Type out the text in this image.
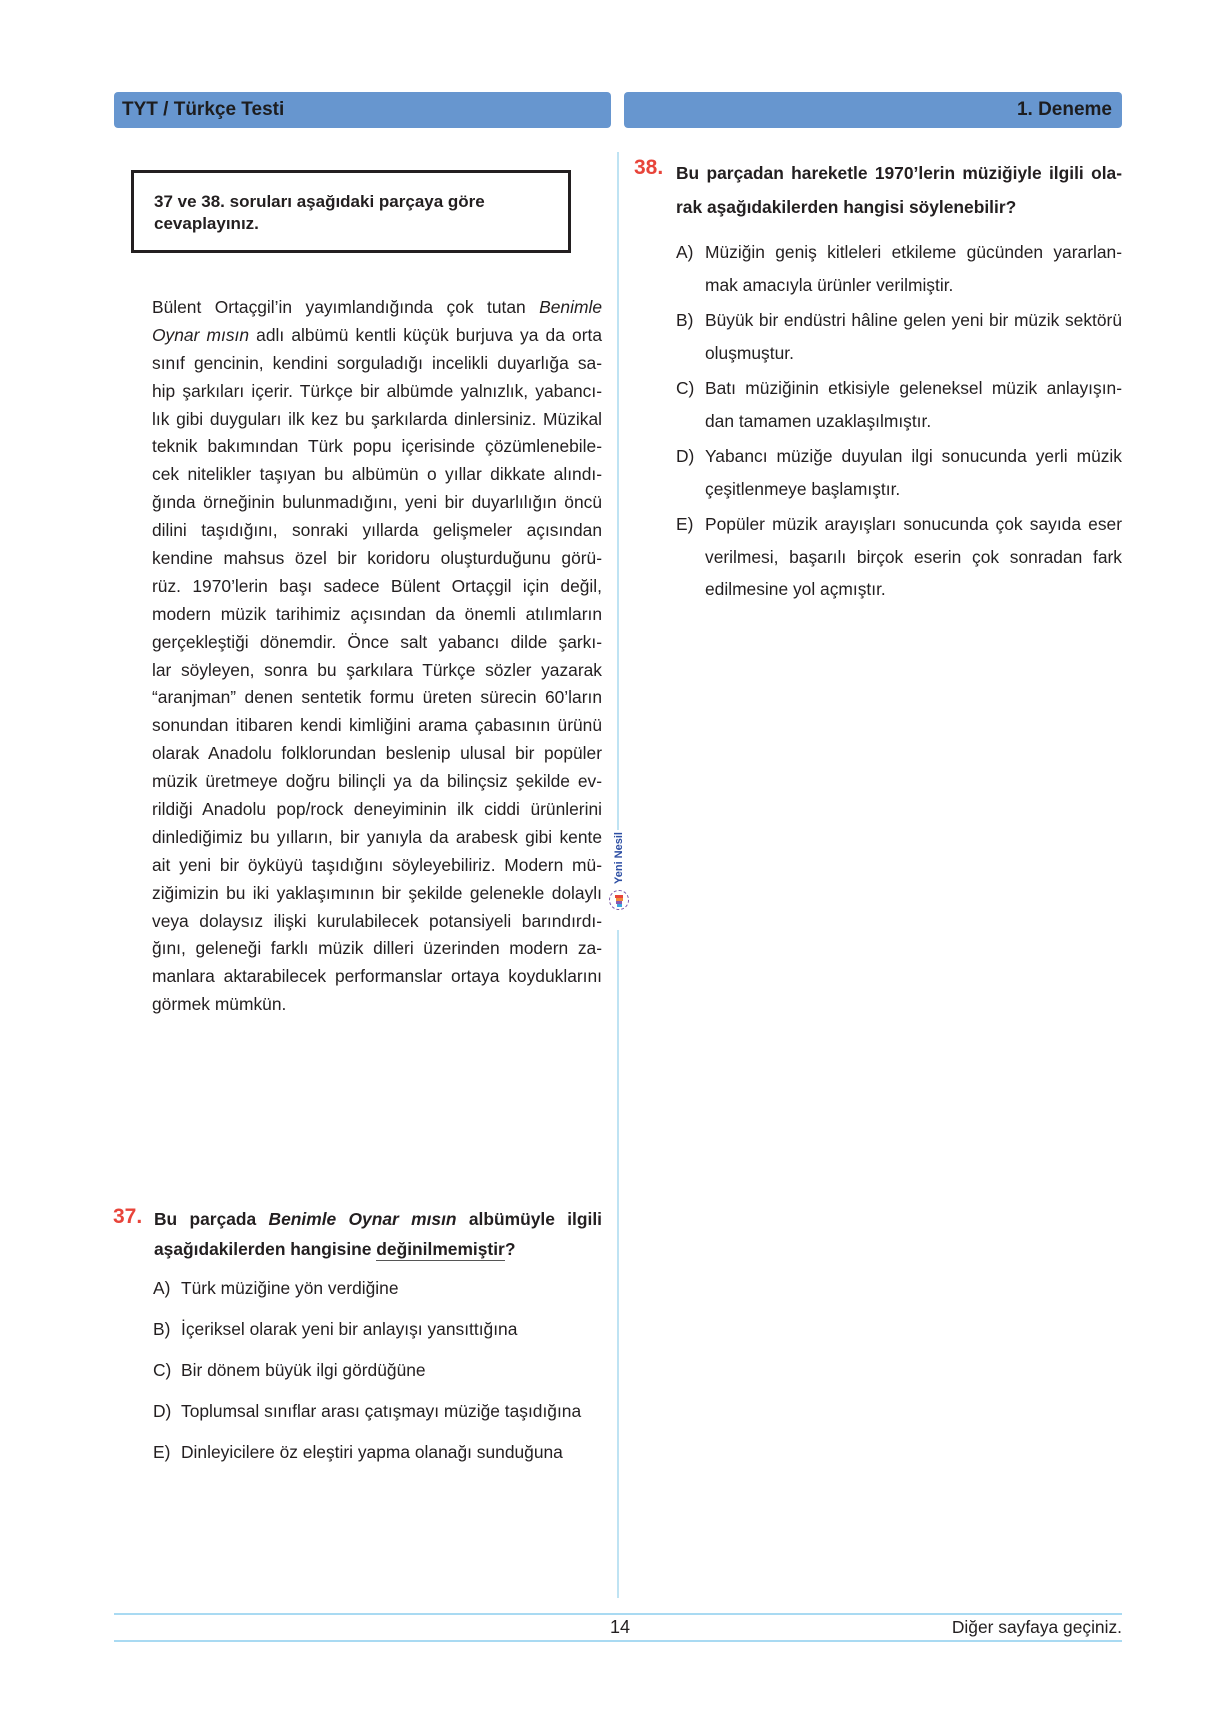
TYT / Türkçe Testi	1. Deneme
37 ve 38. soruları aşağıdaki parçaya göre
cevaplayınız.
Bülent Ortaçgil’in yayımlandığında çok tutan Benimle
Oynar mısın adlı albümü kentli küçük burjuva ya da orta
sınıf gencinin, kendini sorguladığı incelikli duyarlığa sa-
hip şarkıları içerir. Türkçe bir albümde yalnızlık, yabancı-
lık gibi duyguları ilk kez bu şarkılarda dinlersiniz. Müzikal
teknik bakımından Türk popu içerisinde çözümlenebile-
cek nitelikler taşıyan bu albümün o yıllar dikkate alındı-
ğında örneğinin bulunmadığını, yeni bir duyarlılığın öncü
dilini taşıdığını, sonraki yıllarda gelişmeler açısından
kendine mahsus özel bir koridoru oluşturduğunu görü-
rüz. 1970’lerin başı sadece Bülent Ortaçgil için değil,
modern müzik tarihimiz açısından da önemli atılımların
gerçekleştiği dönemdir. Önce salt yabancı dilde şarkı-
lar söyleyen, sonra bu şarkılara Türkçe sözler yazarak
“aranjman” denen sentetik formu üreten sürecin 60’ların
sonundan itibaren kendi kimliğini arama çabasının ürünü
olarak Anadolu folklorundan beslenip ulusal bir popüler
müzik üretmeye doğru bilinçli ya da bilinçsiz şekilde ev-
rildiği Anadolu pop/rock deneyiminin ilk ciddi ürünlerini
dinlediğimiz bu yılların, bir yanıyla da arabesk gibi kente
ait yeni bir öyküyü taşıdığını söyleyebiliriz. Modern mü-
ziğimizin bu iki yaklaşımının bir şekilde gelenekle dolaylı
veya dolaysız ilişki kurulabilecek potansiyeli barındırdı-
ğını, geleneği farklı müzik dilleri üzerinden modern za-
manlara aktarabilecek performanslar ortaya koyduklarını
görmek mümkün.
Yeni Nesil
37. Bu parçada Benimle Oynar mısın albümüyle ilgili
aşağıdakilerden hangisine değinilmemiştir?
A) Türk müziğine yön verdiğine
B) İçeriksel olarak yeni bir anlayışı yansıttığına
C) Bir dönem büyük ilgi gördüğüne
D) Toplumsal sınıflar arası çatışmayı müziğe taşıdığına
E) Dinleyicilere öz eleştiri yapma olanağı sunduğuna
38. Bu parçadan hareketle 1970’lerin müziğiyle ilgili ola-
rak aşağıdakilerden hangisi söylenebilir?
A) Müziğin geniş kitleleri etkileme gücünden yararlan-
mak amacıyla ürünler verilmiştir.
B) Büyük bir endüstri hâline gelen yeni bir müzik sektörü
oluşmuştur.
C) Batı müziğinin etkisiyle geleneksel müzik anlayışın-
dan tamamen uzaklaşılmıştır.
D) Yabancı müziğe duyulan ilgi sonucunda yerli müzik
çeşitlenmeye başlamıştır.
E) Popüler müzik arayışları sonucunda çok sayıda eser
verilmesi, başarılı birçok eserin çok sonradan fark
edilmesine yol açmıştır.
14	Diğer sayfaya geçiniz.
